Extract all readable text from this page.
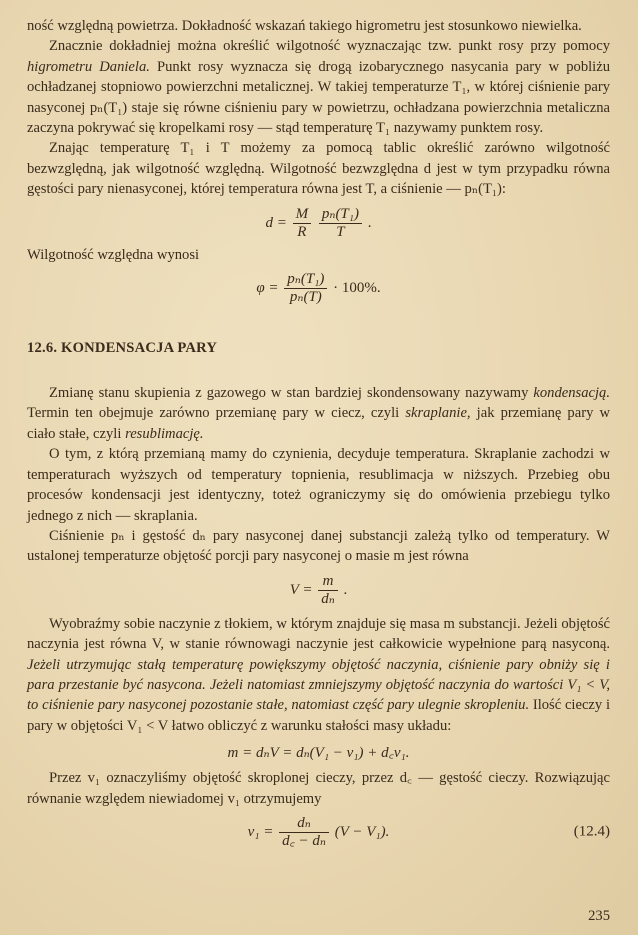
ność względną powietrza. Dokładność wskazań takiego higrometru jest stosunkowo niewielka.

Znacznie dokładniej można określić wilgotność wyznaczając tzw. punkt rosy przy pomocy higrometru Daniela. Punkt rosy wyznacza się drogą izobarycznego nasycania pary w pobliżu ochładzanej stopniowo powierzchni metalicznej. W takiej temperaturze T₁, w której ciśnienie pary nasyconej pₙ(T₁) staje się równe ciśnieniu pary w powietrzu, ochładzana powierzchnia metaliczna zaczyna pokrywać się kropelkami rosy — stąd temperaturę T₁ nazywamy punktem rosy.

Znając temperaturę T₁ i T możemy za pomocą tablic określić zarówno wilgotność bezwzględną, jak wilgotność względną. Wilgotność bezwzględna d jest w tym przypadku równa gęstości pary nienasyconej, której temperatura równa jest T, a ciśnienie — pₙ(T₁):

$d = \frac{M}{R}$
$\frac{\text{pₙ(T₁)}}{T}$ .

Wilgotność względna wynosi

$\varphi = \frac{\text{pₙ(T₁)}}{\text{pₙ(T)}} \cdot 100\%$.
12.6. KONDENSACJA PARY

Zmianę stanu skupienia z gazowego w stan bardziej skondensowany nazywamy kondensacją. Termin ten obejmuje zarówno przemianę pary w ciecz, czyli skraplanie, jak przemianę pary w ciało stałe, czyli resublimację.

O tym, z którą przemianą mamy do czynienia, decyduje temperatura. Skraplanie zachodzi w temperaturach wyższych od temperatury topnienia, resublimacja w niższych. Przebieg obu procesów kondensacji jest identyczny, toteż ograniczymy się do omówienia przebiegu tylko jednego z nich — skraplania.

Ciśnienie pₙ i gęstość dₙ pary nasyconej danej substancji zależą tylko od temperatury. W ustalonej temperaturze objętość porcji pary nasyconej o masie m jest równa

$V = \frac{m}{\text{dₙ}}$ .

Wyobraźmy sobie naczynie z tłokiem, w którym znajduje się masa m substancji. Jeżeli objętość naczynia jest równa V, w stanie równowagi naczynie jest całkowicie wypełnione parą nasyconą. Jeżeli utrzymując stałą temperaturę powiększymy objętość naczynia, ciśnienie pary obniży się i para przestanie być nasycona. Jeżeli natomiast zmniejszymy objętość naczynia do wartości V₁ < V, to ciśnienie pary nasyconej pozostanie stałe, natomiast część pary ulegnie skropleniu. Ilość cieczy i pary w objętości V₁ < V łatwo obliczyć z warunku stałości masy układu:

m = dₙV = dₙ(V₁ − v₁) + d꜀v₁.

Przez v₁ oznaczyliśmy objętość skroplonej cieczy, przez d꜀ — gęstość cieczy. Rozwiązując równanie względem niewiadomej v₁ otrzymujemy

$v_1 = \frac{\text{dₙ}}{\text{d꜀ − dₙ}} (V - V_1)$.	(12.4)
235
